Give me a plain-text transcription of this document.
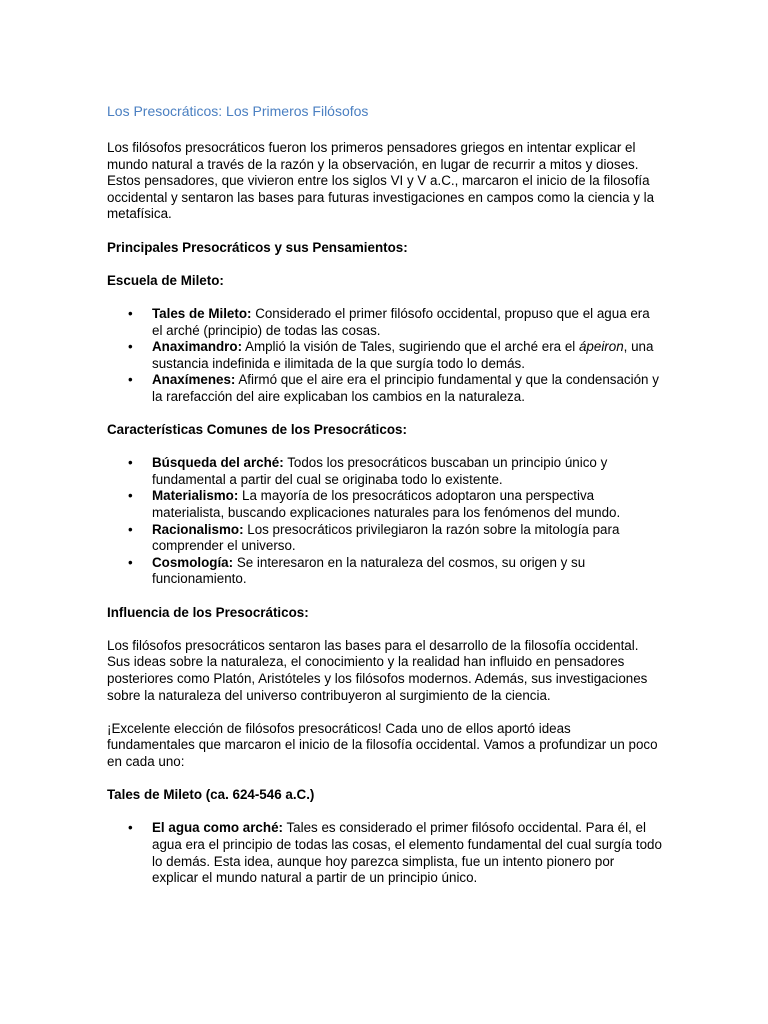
Los Presocráticos: Los Primeros Filósofos

Los filósofos presocráticos fueron los primeros pensadores griegos en intentar explicar el mundo natural a través de la razón y la observación, en lugar de recurrir a mitos y dioses. Estos pensadores, que vivieron entre los siglos VI y V a.C., marcaron el inicio de la filosofía occidental y sentaron las bases para futuras investigaciones en campos como la ciencia y la metafísica.

Principales Presocráticos y sus Pensamientos:
Escuela de Mileto:
• Tales de Mileto: Considerado el primer filósofo occidental, propuso que el agua era el arché (principio) de todas las cosas.
• Anaximandro: Amplió la visión de Tales, sugiriendo que el arché era el ápeiron, una sustancia indefinida e ilimitada de la que surgía todo lo demás.
• Anaxímenes: Afirmó que el aire era el principio fundamental y que la condensación y la rarefacción del aire explicaban los cambios en la naturaleza.
Características Comunes de los Presocráticos:
• Búsqueda del arché: Todos los presocráticos buscaban un principio único y fundamental a partir del cual se originaba todo lo existente.
• Materialismo: La mayoría de los presocráticos adoptaron una perspectiva materialista, buscando explicaciones naturales para los fenómenos del mundo.
• Racionalismo: Los presocráticos privilegiaron la razón sobre la mitología para comprender el universo.
• Cosmología: Se interesaron en la naturaleza del cosmos, su origen y su funcionamiento.
Influencia de los Presocráticos:

Los filósofos presocráticos sentaron las bases para el desarrollo de la filosofía occidental. Sus ideas sobre la naturaleza, el conocimiento y la realidad han influido en pensadores posteriores como Platón, Aristóteles y los filósofos modernos. Además, sus investigaciones sobre la naturaleza del universo contribuyeron al surgimiento de la ciencia.

¡Excelente elección de filósofos presocráticos! Cada uno de ellos aportó ideas fundamentales que marcaron el inicio de la filosofía occidental. Vamos a profundizar un poco en cada uno:

Tales de Mileto (ca. 624-546 a.C.)
• El agua como arché: Tales es considerado el primer filósofo occidental. Para él, el agua era el principio de todas las cosas, el elemento fundamental del cual surgía todo lo demás. Esta idea, aunque hoy parezca simplista, fue un intento pionero por explicar el mundo natural a partir de un principio único.
